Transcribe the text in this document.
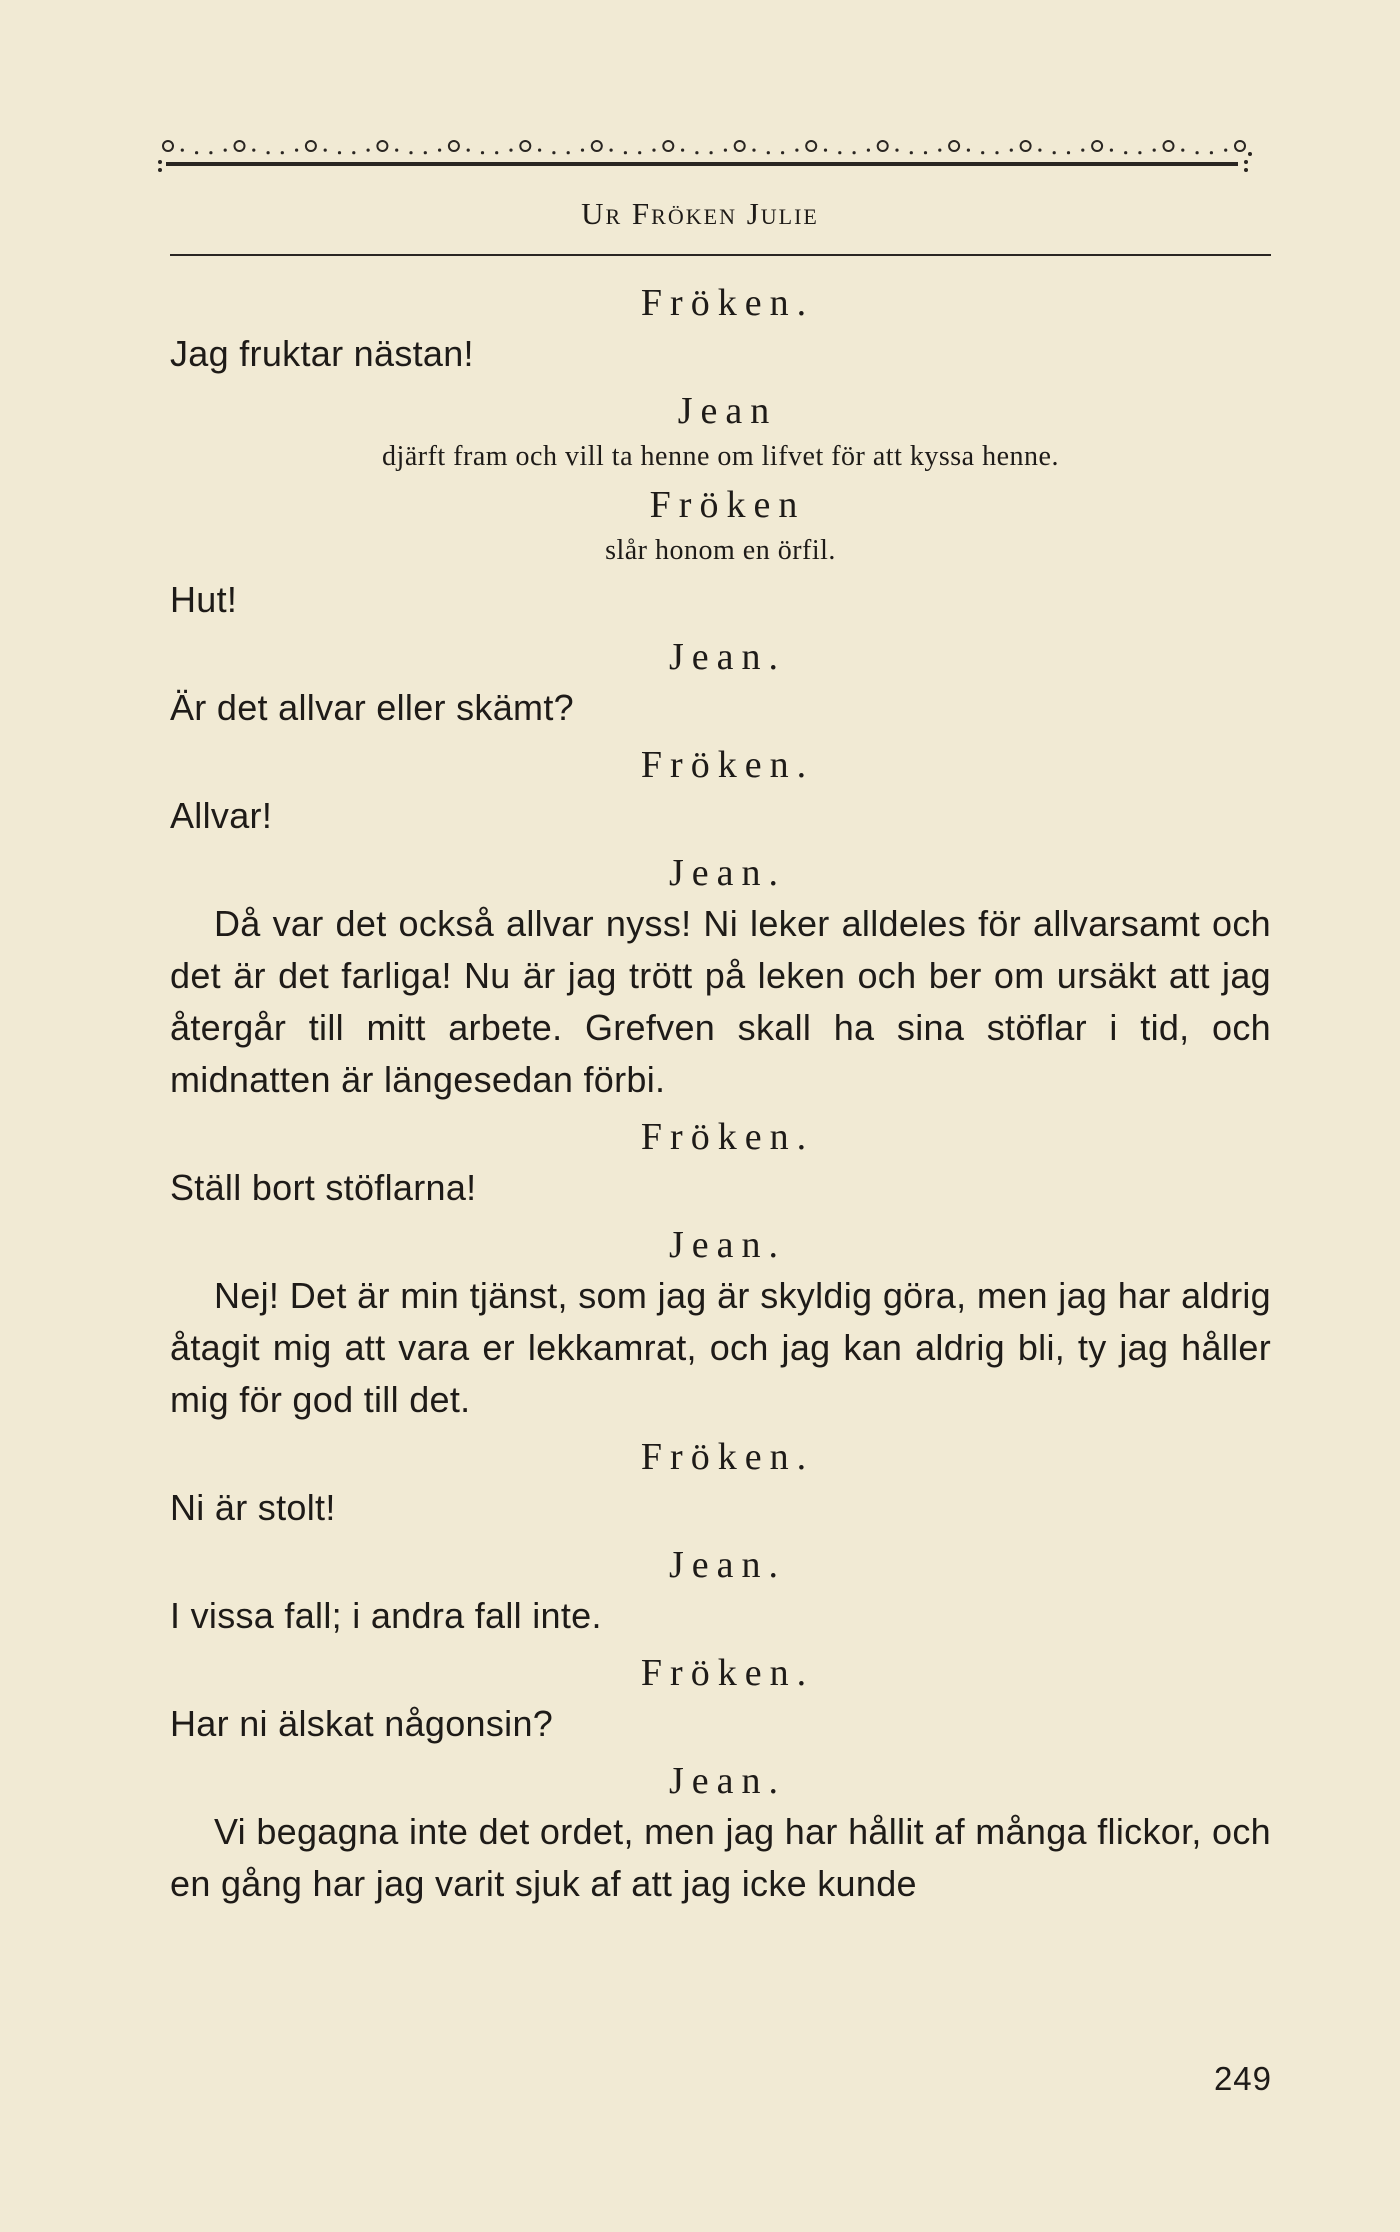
Ur Fröken Julie

Fröken.

Jag fruktar nästan!

Jean

djärft fram och vill ta henne om lifvet för att kyssa henne.

Fröken

slår honom en örfil.

Hut!

Jean.

Är det allvar eller skämt?

Fröken.

Allvar!

Jean.

Då var det också allvar nyss! Ni leker alldeles för allvarsamt och det är det farliga! Nu är jag trött på leken och ber om ursäkt att jag återgår till mitt arbete. Grefven skall ha sina stöflar i tid, och midnatten är längesedan förbi.

Fröken.

Ställ bort stöflarna!

Jean.

Nej! Det är min tjänst, som jag är skyldig göra, men jag har aldrig åtagit mig att vara er lekkamrat, och jag kan aldrig bli, ty jag håller mig för god till det.

Fröken.

Ni är stolt!

Jean.

I vissa fall; i andra fall inte.

Fröken.

Har ni älskat någonsin?

Jean.

Vi begagna inte det ordet, men jag har hållit af många flickor, och en gång har jag varit sjuk af att jag icke kunde

249
